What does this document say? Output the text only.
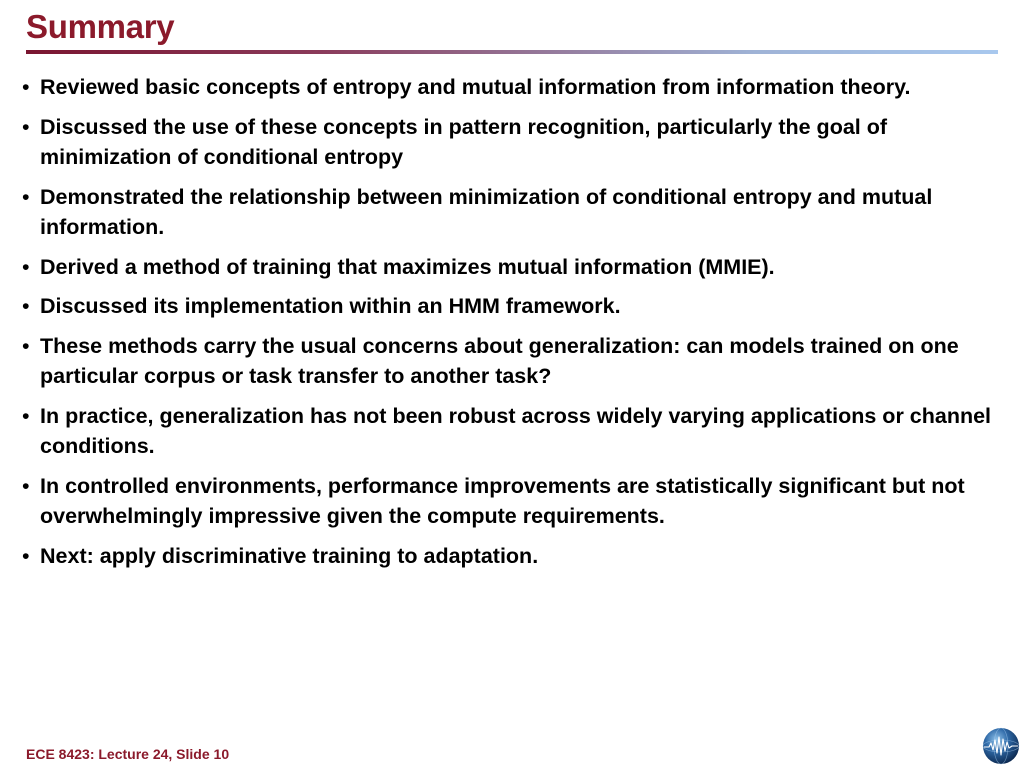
Summary
• Reviewed basic concepts of entropy and mutual information from information theory.
• Discussed the use of these concepts in pattern recognition, particularly the goal of minimization of conditional entropy
• Demonstrated the relationship between minimization of conditional entropy and mutual information.
• Derived a method of training that maximizes mutual information (MMIE).
• Discussed its implementation within an HMM framework.
• These methods carry the usual concerns about generalization: can models trained on one particular corpus or task transfer to another task?
• In practice, generalization has not been robust across widely varying applications or channel conditions.
• In controlled environments, performance improvements are statistically significant but not overwhelmingly impressive given the compute requirements.
• Next: apply discriminative training to adaptation.
ECE 8423: Lecture 24, Slide 10
